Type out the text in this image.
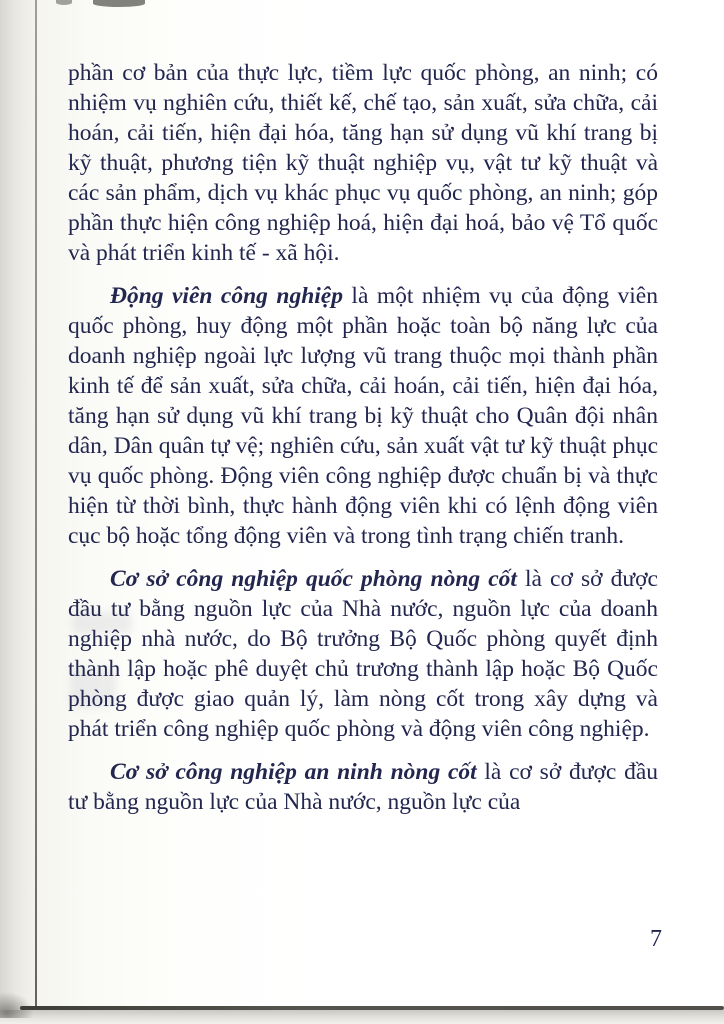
phần cơ bản của thực lực, tiềm lực quốc phòng, an ninh; có nhiệm vụ nghiên cứu, thiết kế, chế tạo, sản xuất, sửa chữa, cải hoán, cải tiến, hiện đại hóa, tăng hạn sử dụng vũ khí trang bị kỹ thuật, phương tiện kỹ thuật nghiệp vụ, vật tư kỹ thuật và các sản phẩm, dịch vụ khác phục vụ quốc phòng, an ninh; góp phần thực hiện công nghiệp hoá, hiện đại hoá, bảo vệ Tổ quốc và phát triển kinh tế - xã hội.

Động viên công nghiệp là một nhiệm vụ của động viên quốc phòng, huy động một phần hoặc toàn bộ năng lực của doanh nghiệp ngoài lực lượng vũ trang thuộc mọi thành phần kinh tế để sản xuất, sửa chữa, cải hoán, cải tiến, hiện đại hóa, tăng hạn sử dụng vũ khí trang bị kỹ thuật cho Quân đội nhân dân, Dân quân tự vệ; nghiên cứu, sản xuất vật tư kỹ thuật phục vụ quốc phòng. Động viên công nghiệp được chuẩn bị và thực hiện từ thời bình, thực hành động viên khi có lệnh động viên cục bộ hoặc tổng động viên và trong tình trạng chiến tranh.

Cơ sở công nghiệp quốc phòng nòng cốt là cơ sở được đầu tư bằng nguồn lực của Nhà nước, nguồn lực của doanh nghiệp nhà nước, do Bộ trưởng Bộ Quốc phòng quyết định thành lập hoặc phê duyệt chủ trương thành lập hoặc Bộ Quốc phòng được giao quản lý, làm nòng cốt trong xây dựng và phát triển công nghiệp quốc phòng và động viên công nghiệp.

Cơ sở công nghiệp an ninh nòng cốt là cơ sở được đầu tư bằng nguồn lực của Nhà nước, nguồn lực của

7
